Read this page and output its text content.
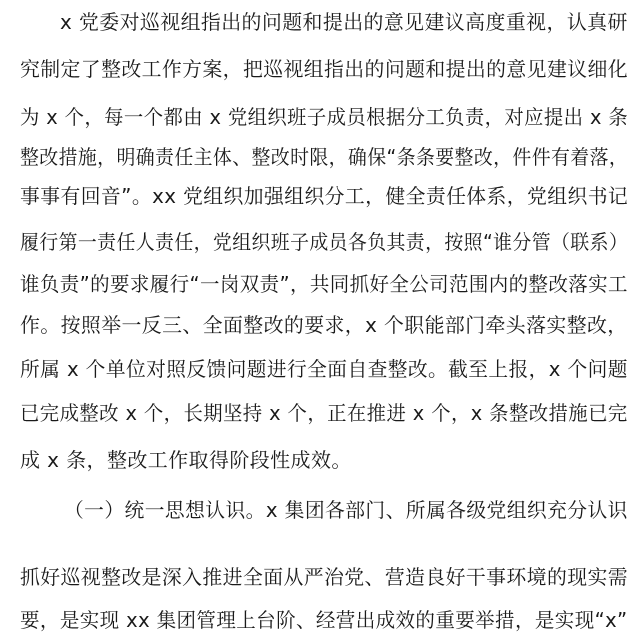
x 党委对巡视组指出的问题和提出的意见建议高度重视，认真研
究制定了整改工作方案，把巡视组指出的问题和提出的意见建议细化
为 x 个，每一个都由 x 党组织班子成员根据分工负责，对应提出 x 条
整改措施，明确责任主体、整改时限，确保“条条要整改，件件有着落，
事事有回音”。xx 党组织加强组织分工，健全责任体系，党组织书记
履行第一责任人责任，党组织班子成员各负其责，按照“谁分管（联系）
谁负责”的要求履行“一岗双责”，共同抓好全公司范围内的整改落实工
作。按照举一反三、全面整改的要求，x 个职能部门牵头落实整改，
所属 x 个单位对照反馈问题进行全面自查整改。截至上报，x 个问题
已完成整改 x 个，长期坚持 x 个，正在推进 x 个，x 条整改措施已完
成 x 条，整改工作取得阶段性成效。
（一）统一思想认识。x 集团各部门、所属各级党组织充分认识
抓好巡视整改是深入推进全面从严治党、营造良好干事环境的现实需
要，是实现 xx 集团管理上台阶、经营出成效的重要举措，是实现“x”
